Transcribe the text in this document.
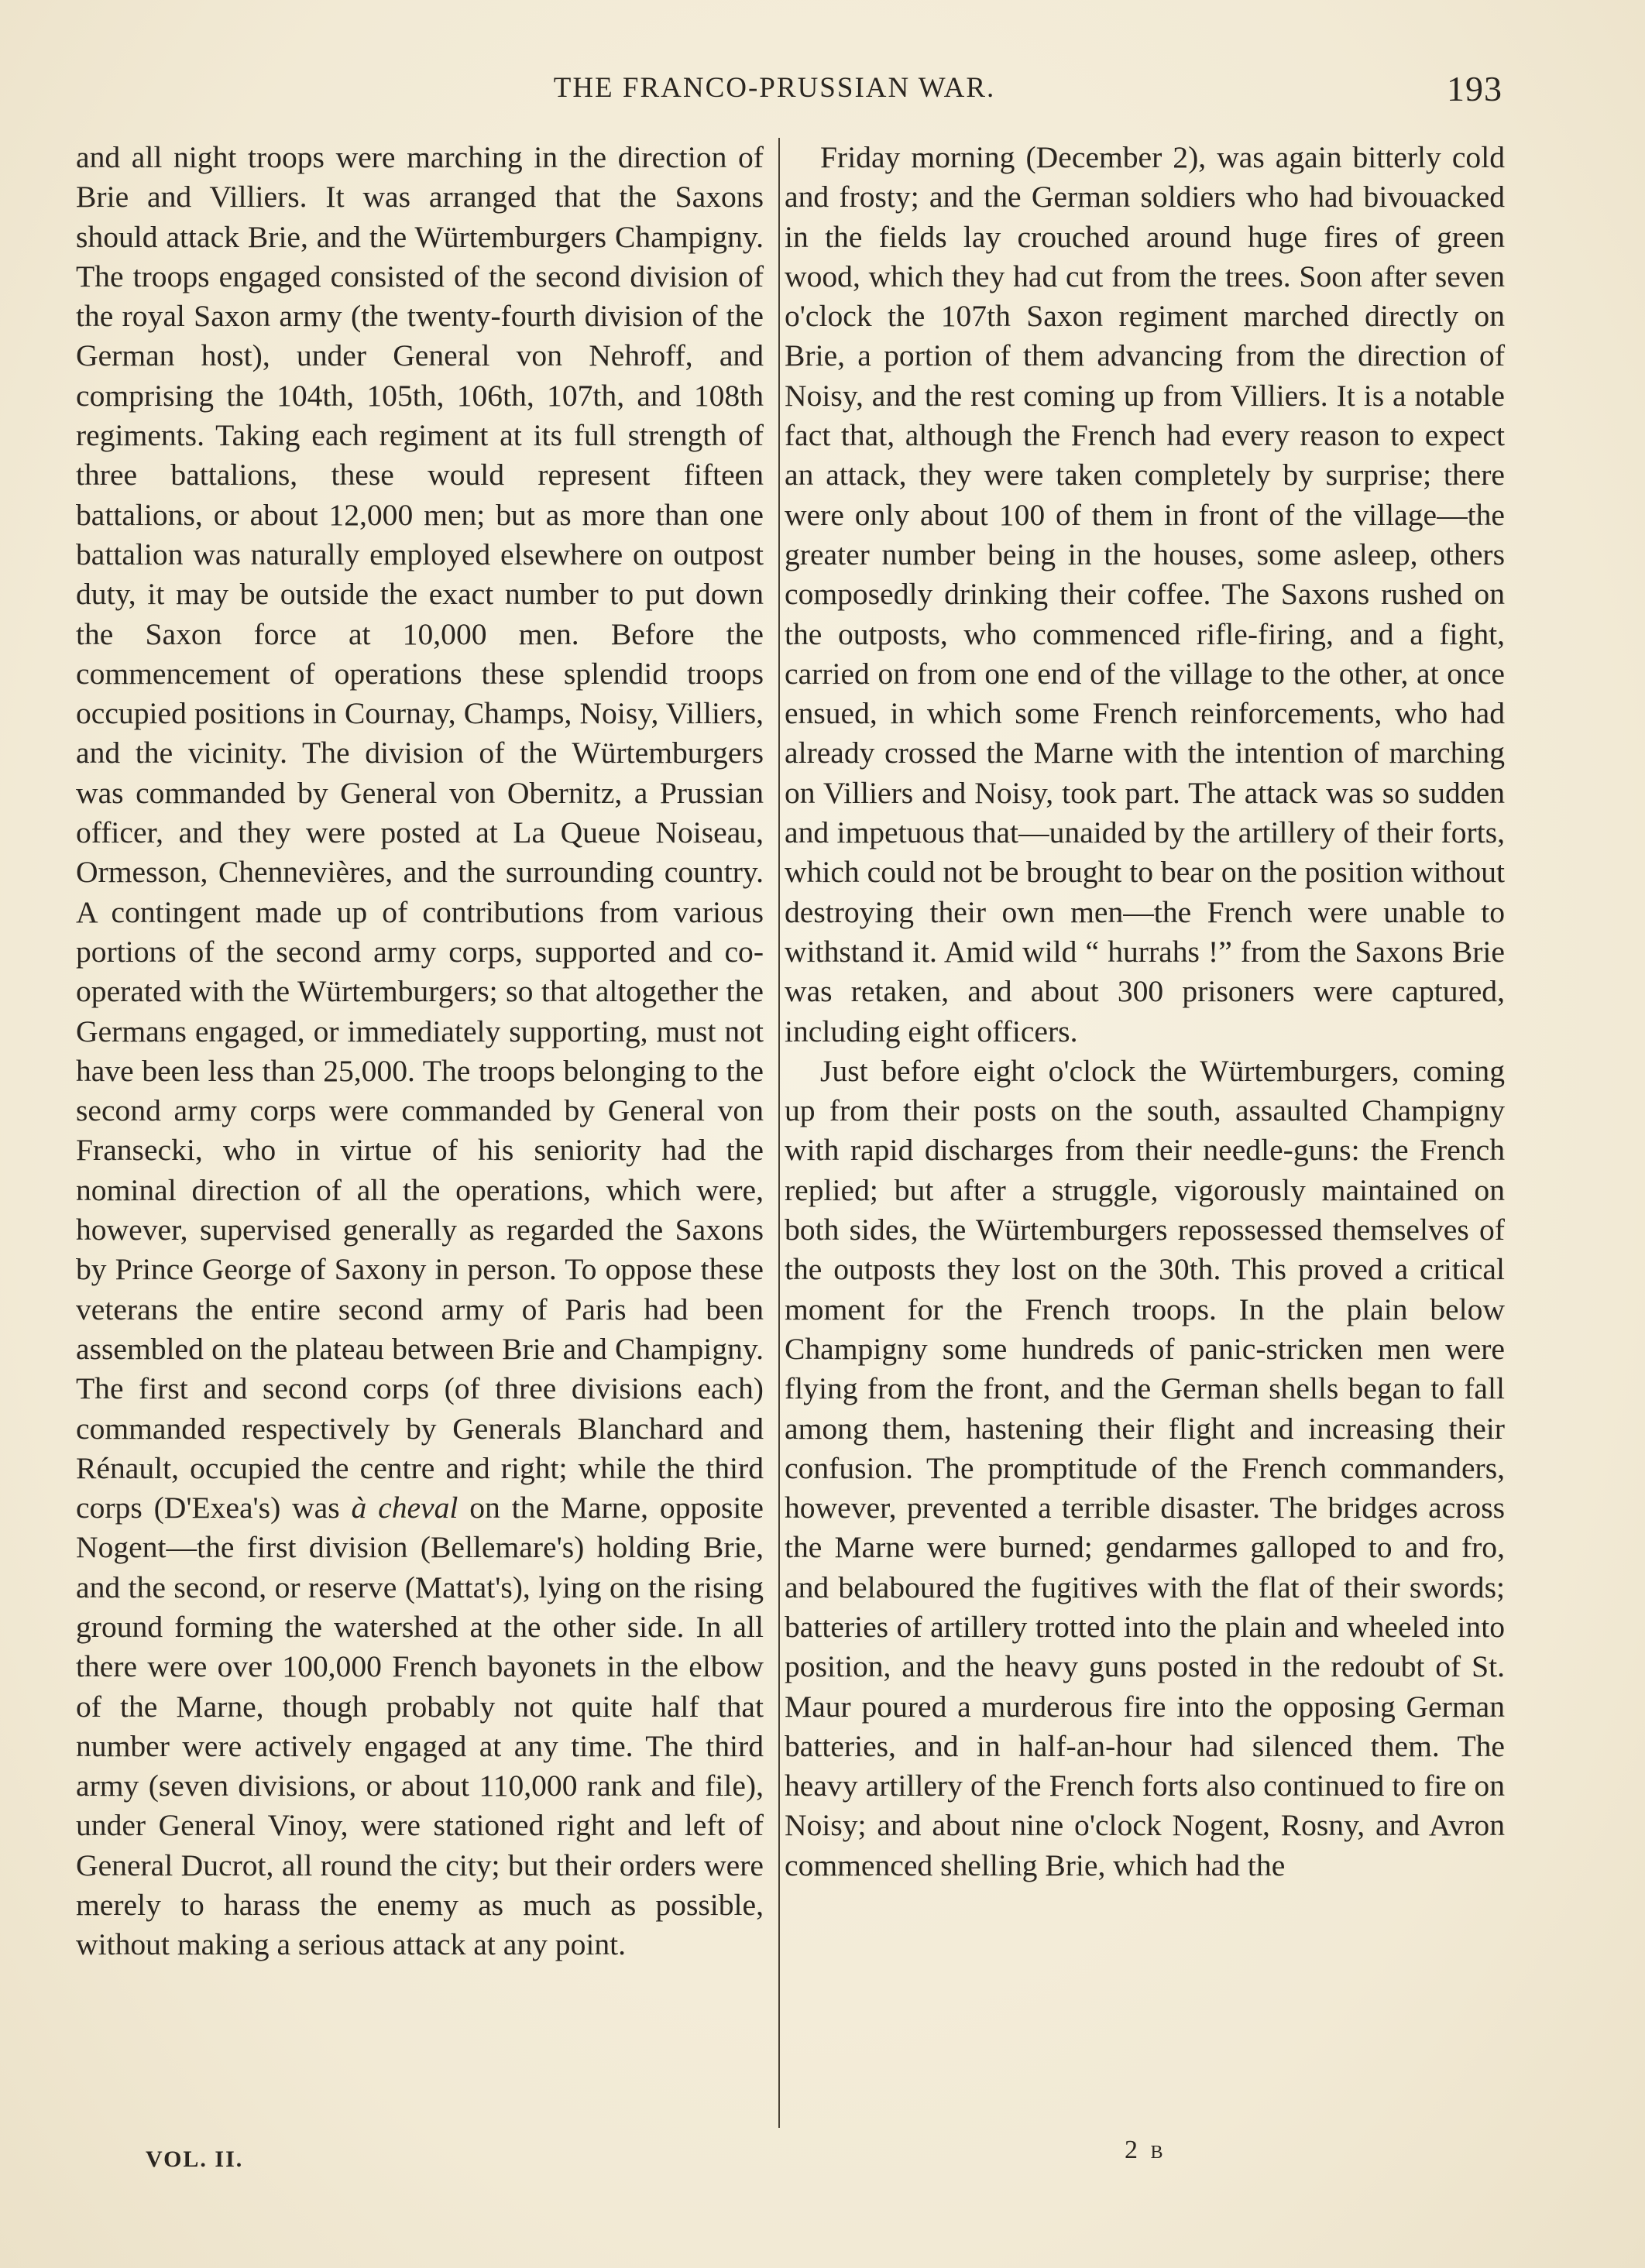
THE FRANCO-PRUSSIAN WAR.	193

and all night troops were marching in the direction of Brie and Villiers. It was arranged that the Saxons should attack Brie, and the Würtemburgers Champigny. The troops engaged consisted of the second division of the royal Saxon army (the twenty-fourth division of the German host), under General von Nehroff, and comprising the 104th, 105th, 106th, 107th, and 108th regiments. Taking each regiment at its full strength of three battalions, these would represent fifteen battalions, or about 12,000 men; but as more than one battalion was naturally employed elsewhere on outpost duty, it may be outside the exact number to put down the Saxon force at 10,000 men. Before the commencement of operations these splendid troops occupied positions in Cournay, Champs, Noisy, Villiers, and the vicinity. The division of the Würtemburgers was commanded by General von Obernitz, a Prussian officer, and they were posted at La Queue Noiseau, Ormesson, Chennevières, and the surrounding country. A contingent made up of contributions from various portions of the second army corps, supported and co-operated with the Würtemburgers; so that altogether the Germans engaged, or immediately supporting, must not have been less than 25,000. The troops belonging to the second army corps were commanded by General von Fransecki, who in virtue of his seniority had the nominal direction of all the operations, which were, however, supervised generally as regarded the Saxons by Prince George of Saxony in person. To oppose these veterans the entire second army of Paris had been assembled on the plateau between Brie and Champigny. The first and second corps (of three divisions each) commanded respectively by Generals Blanchard and Rénault, occupied the centre and right; while the third corps (D'Exea's) was à cheval on the Marne, opposite Nogent—the first division (Bellemare's) holding Brie, and the second, or reserve (Mattat's), lying on the rising ground forming the watershed at the other side. In all there were over 100,000 French bayonets in the elbow of the Marne, though probably not quite half that number were actively engaged at any time. The third army (seven divisions, or about 110,000 rank and file), under General Vinoy, were stationed right and left of General Ducrot, all round the city; but their orders were merely to harass the enemy as much as possible, without making a serious attack at any point.

Friday morning (December 2), was again bitterly cold and frosty; and the German soldiers who had bivouacked in the fields lay crouched around huge fires of green wood, which they had cut from the trees. Soon after seven o'clock the 107th Saxon regiment marched directly on Brie, a portion of them advancing from the direction of Noisy, and the rest coming up from Villiers. It is a notable fact that, although the French had every reason to expect an attack, they were taken completely by surprise; there were only about 100 of them in front of the village—the greater number being in the houses, some asleep, others composedly drinking their coffee. The Saxons rushed on the outposts, who commenced rifle-firing, and a fight, carried on from one end of the village to the other, at once ensued, in which some French reinforcements, who had already crossed the Marne with the intention of marching on Villiers and Noisy, took part. The attack was so sudden and impetuous that—unaided by the artillery of their forts, which could not be brought to bear on the position without destroying their own men—the French were unable to withstand it. Amid wild “ hurrahs !” from the Saxons Brie was retaken, and about 300 prisoners were captured, including eight officers.

Just before eight o'clock the Würtemburgers, coming up from their posts on the south, assaulted Champigny with rapid discharges from their needle-guns: the French replied; but after a struggle, vigorously maintained on both sides, the Würtemburgers repossessed themselves of the outposts they lost on the 30th. This proved a critical moment for the French troops. In the plain below Champigny some hundreds of panic-stricken men were flying from the front, and the German shells began to fall among them, hastening their flight and increasing their confusion. The promptitude of the French commanders, however, prevented a terrible disaster. The bridges across the Marne were burned; gendarmes galloped to and fro, and belaboured the fugitives with the flat of their swords; batteries of artillery trotted into the plain and wheeled into position, and the heavy guns posted in the redoubt of St. Maur poured a murderous fire into the opposing German batteries, and in half-an-hour had silenced them. The heavy artillery of the French forts also continued to fire on Noisy; and about nine o'clock Nogent, Rosny, and Avron commenced shelling Brie, which had the

VOL. II.	2 B
